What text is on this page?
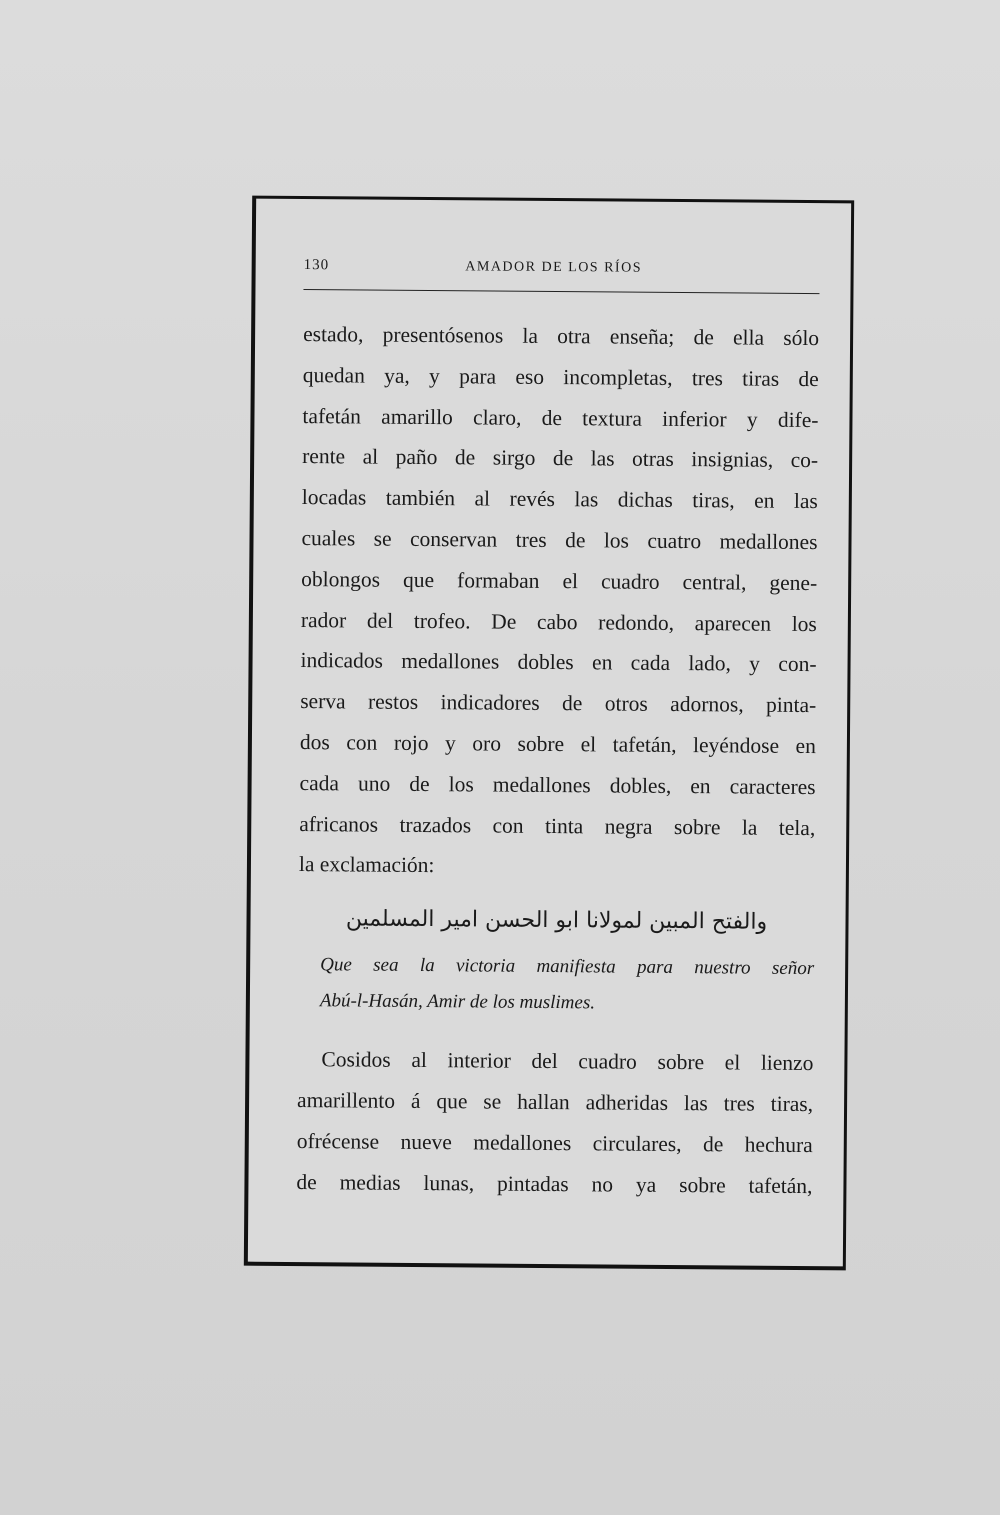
130	AMADOR DE LOS RÍOS
estado, presentósenos la otra enseña; de ella sólo
quedan ya, y para eso incompletas, tres tiras de
tafetán amarillo claro, de textura inferior y dife-
rente al paño de sirgo de las otras insignias, co-
locadas también al revés las dichas tiras, en las
cuales se conservan tres de los cuatro medallones
oblongos que formaban el cuadro central, gene-
rador del trofeo. De cabo redondo, aparecen los
indicados medallones dobles en cada lado, y con-
serva restos indicadores de otros adornos, pinta-
dos con rojo y oro sobre el tafetán, leyéndose en
cada uno de los medallones dobles, en caracteres
africanos trazados con tinta negra sobre la tela,
la exclamación:
والفتح المبين لمولانا ابو الحسن امير المسلمين
Que sea la victoria manifiesta para nuestro señor
Abú-l-Hasán, Amir de los muslimes.
Cosidos al interior del cuadro sobre el lienzo
amarillento á que se hallan adheridas las tres tiras,
ofrécense nueve medallones circulares, de hechura
de medias lunas, pintadas no ya sobre tafetán,
